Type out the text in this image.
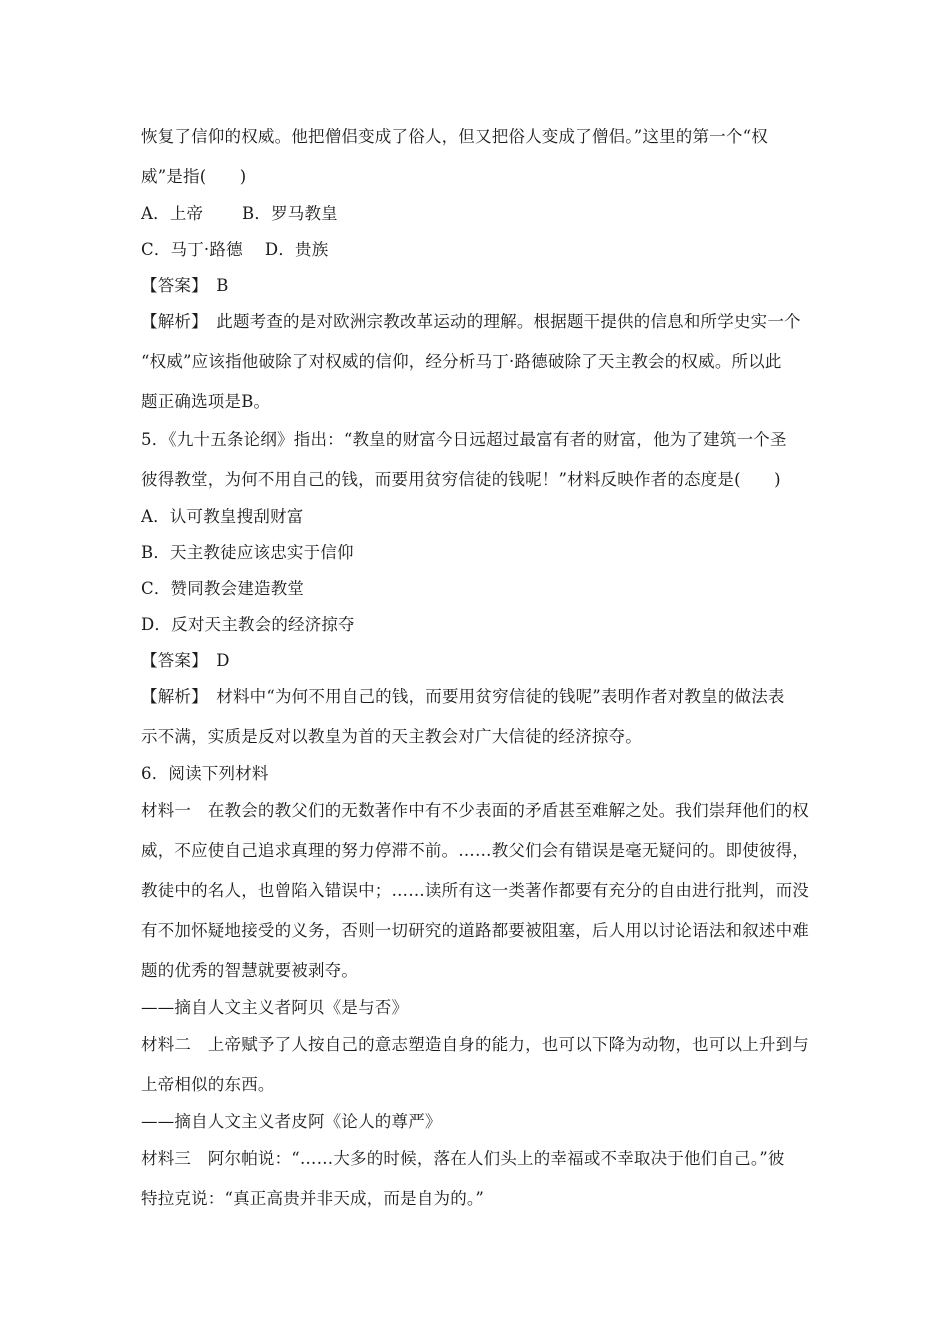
恢复了信仰的权威。他把僧侣变成了俗人，但又把俗人变成了僧侣。”这里的第一个“权
威”是指(　　)
A．上帝　　 B．罗马教皇
C．马丁·路德　 D．贵族
【答案】　B
【解析】　此题考查的是对欧洲宗教改革运动的理解。根据题干提供的信息和所学史实一个
“权威”应该指他破除了对权威的信仰，经分析马丁·路德破除了天主教会的权威。所以此
题正确选项是B。
5．《九十五条论纲》指出：“教皇的财富今日远超过最富有者的财富，他为了建筑一个圣
彼得教堂，为何不用自己的钱，而要用贫穷信徒的钱呢！”材料反映作者的态度是(　　)
A．认可教皇搜刮财富
B．天主教徒应该忠实于信仰
C．赞同教会建造教堂
D．反对天主教会的经济掠夺
【答案】　D
【解析】　材料中“为何不用自己的钱，而要用贫穷信徒的钱呢”表明作者对教皇的做法表
示不满，实质是反对以教皇为首的天主教会对广大信徒的经济掠夺。
6．阅读下列材料
材料一　在教会的教父们的无数著作中有不少表面的矛盾甚至难解之处。我们崇拜他们的权
威，不应使自己追求真理的努力停滞不前。……教父们会有错误是毫无疑问的。即使彼得，
教徒中的名人，也曾陷入错误中；……读所有这一类著作都要有充分的自由进行批判，而没
有不加怀疑地接受的义务，否则一切研究的道路都要被阻塞，后人用以讨论语法和叙述中难
题的优秀的智慧就要被剥夺。
——摘自人文主义者阿贝《是与否》
材料二　上帝赋予了人按自己的意志塑造自身的能力，也可以下降为动物，也可以上升到与
上帝相似的东西。
——摘自人文主义者皮阿《论人的尊严》
材料三　阿尔帕说：“……大多的时候，落在人们头上的幸福或不幸取决于他们自己。”彼
特拉克说：“真正高贵并非天成，而是自为的。”
